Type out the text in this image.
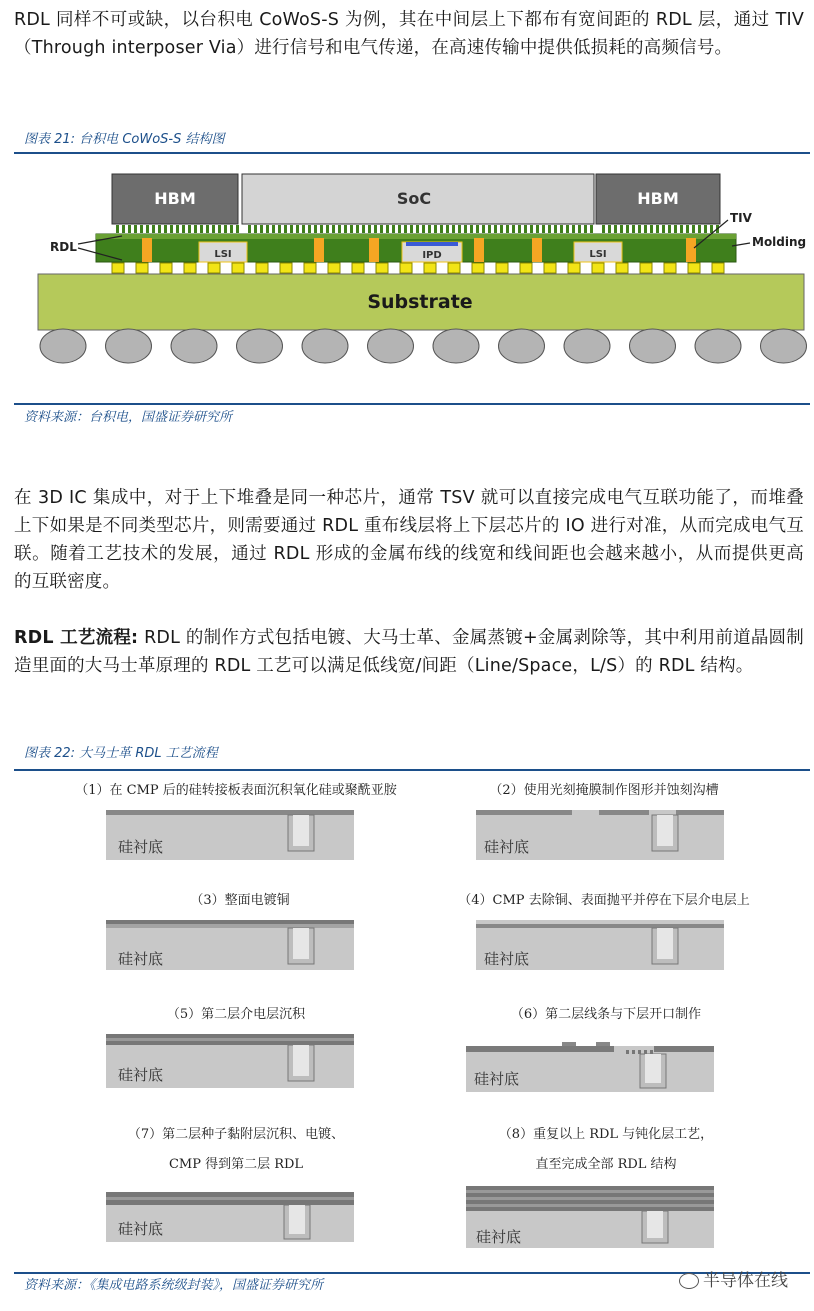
RDL 同样不可或缺，以台积电 CoWoS-S 为例，其在中间层上下都布有宽间距的 RDL 层，通过 TIV（Through interposer Via）进行信号和电气传递，在高速传输中提供低损耗的高频信号。

图表 21: 台积电 CoWoS-S 结构图
HBM	SoC	HBM
LSI	IPD	LSI
Substrate
RDL
TIV
Molding
资料来源：台积电，国盛证券研究所

在 3D IC 集成中，对于上下堆叠是同一种芯片，通常 TSV 就可以直接完成电气互联功能了，而堆叠上下如果是不同类型芯片，则需要通过 RDL 重布线层将上下层芯片的 IO 进行对准，从而完成电气互联。随着工艺技术的发展，通过 RDL 形成的金属布线的线宽和线间距也会越来越小，从而提供更高的互联密度。

RDL 工艺流程: RDL 的制作方式包括电镀、大马士革、金属蒸镀+金属剥除等，其中利用前道晶圆制造里面的大马士革原理的 RDL 工艺可以满足低线宽/间距（Line/Space，L/S）的 RDL 结构。

图表 22: 大马士革 RDL 工艺流程
（1）在 CMP 后的硅转接板表面沉积氧化硅或聚酰亚胺	（2）使用光刻掩膜制作图形并蚀刻沟槽
（3）整面电镀铜	（4）CMP 去除铜、表面抛平并停在下层介电层上
（5）第二层介电层沉积	（6）第二层线条与下层开口制作
（7）第二层种子黏附层沉积、电镀、
CMP 得到第二层 RDL
（8）重复以上 RDL 与钝化层工艺，
直至完成全部 RDL 结构
硅衬底	硅衬底
硅衬底	硅衬底
硅衬底	硅衬底
硅衬底	硅衬底
资料来源：《集成电路系统级封装》，国盛证券研究所	半导体在线
